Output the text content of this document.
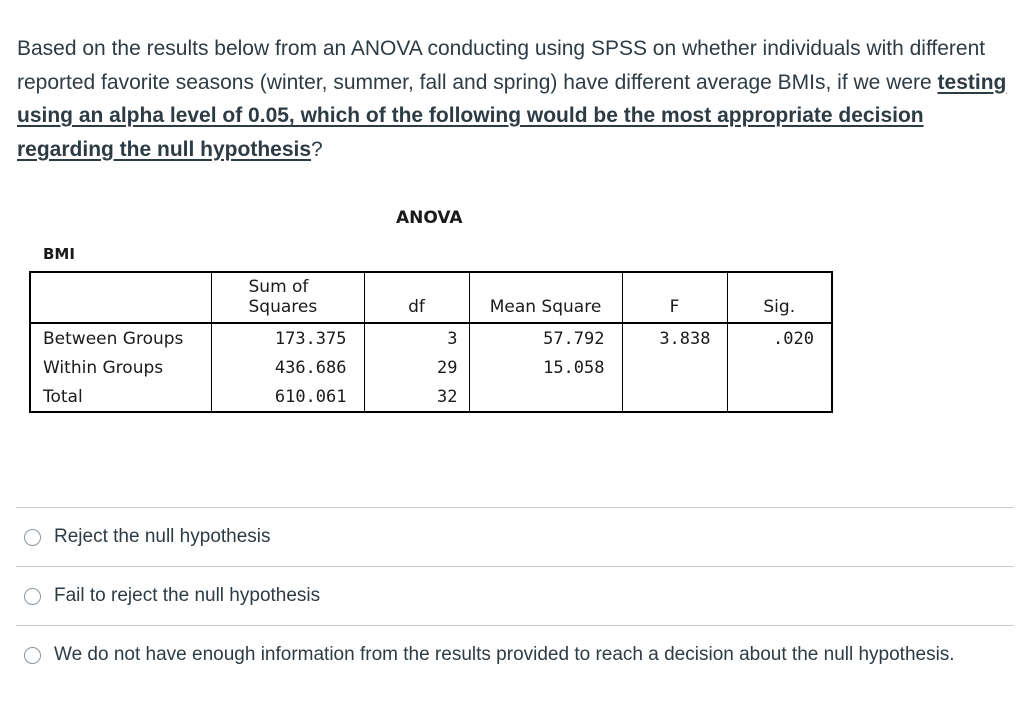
Based on the results below from an ANOVA conducting using SPSS on whether individuals with different reported favorite seasons (winter, summer, fall and spring) have different average BMIs, if we were testing using an alpha level of 0.05, which of the following would be the most appropriate decision regarding the null hypothesis?
ANOVA
BMI
	Sum of
Squares	df	Mean Square	F	Sig.
Between Groups	173.375	3	57.792	3.838	.020
Within Groups	436.686	29	15.058		
Total	610.061	32			
Reject the null hypothesis
Fail to reject the null hypothesis
We do not have enough information from the results provided to reach a decision about the null hypothesis.
